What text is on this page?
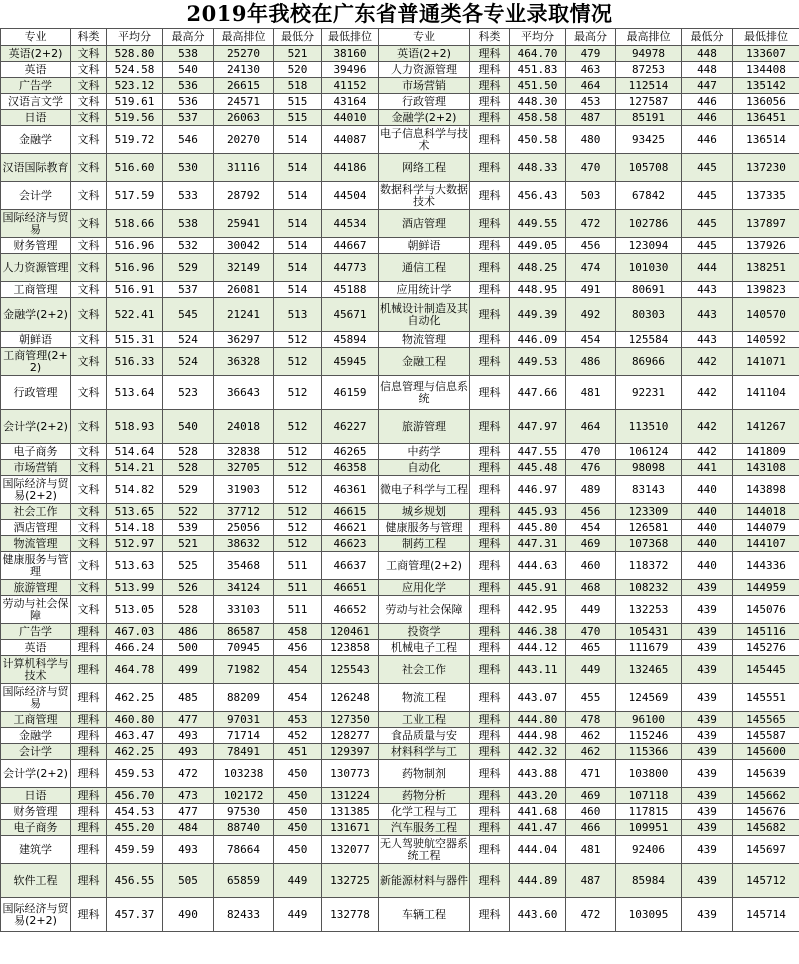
2019年我校在广东省普通类各专业录取情况
专业	科类	平均分	最高分	最高排位	最低分	最低排位	专业	科类	平均分	最高分	最高排位	最低分	最低排位
英语(2+2)	文科	528.80	538	25270	521	38160	英语(2+2)	理科	464.70	479	94978	448	133607
英语	文科	524.58	540	24130	520	39496	人力资源管理	理科	451.83	463	87253	448	134408
广告学	文科	523.12	536	26615	518	41152	市场营销	理科	451.50	464	112514	447	135142
汉语言文学	文科	519.61	536	24571	515	43164	行政管理	理科	448.30	453	127587	446	136056
日语	文科	519.56	537	26063	515	44010	金融学(2+2)	理科	458.58	487	85191	446	136451
金融学	文科	519.72	546	20270	514	44087	电子信息科学与技术	理科	450.58	480	93425	446	136514
汉语国际教育	文科	516.60	530	31116	514	44186	网络工程	理科	448.33	470	105708	445	137230
会计学	文科	517.59	533	28792	514	44504	数据科学与大数据技术	理科	456.43	503	67842	445	137335
国际经济与贸易	文科	518.66	538	25941	514	44534	酒店管理	理科	449.55	472	102786	445	137897
财务管理	文科	516.96	532	30042	514	44667	朝鲜语	理科	449.05	456	123094	445	137926
人力资源管理	文科	516.96	529	32149	514	44773	通信工程	理科	448.25	474	101030	444	138251
工商管理	文科	516.91	537	26081	514	45188	应用统计学	理科	448.95	491	80691	443	139823
金融学(2+2)	文科	522.41	545	21241	513	45671	机械设计制造及其自动化	理科	449.39	492	80303	443	140570
朝鲜语	文科	515.31	524	36297	512	45894	物流管理	理科	446.09	454	125584	443	140592
工商管理(2+2)	文科	516.33	524	36328	512	45945	金融工程	理科	449.53	486	86966	442	141071
行政管理	文科	513.64	523	36643	512	46159	信息管理与信息系统	理科	447.66	481	92231	442	141104
会计学(2+2)	文科	518.93	540	24018	512	46227	旅游管理	理科	447.97	464	113510	442	141267
电子商务	文科	514.64	528	32838	512	46265	中药学	理科	447.55	470	106124	442	141809
市场营销	文科	514.21	528	32705	512	46358	自动化	理科	445.48	476	98098	441	143108
国际经济与贸易(2+2)	文科	514.82	529	31903	512	46361	微电子科学与工程	理科	446.97	489	83143	440	143898
社会工作	文科	513.65	522	37712	512	46615	城乡规划	理科	445.93	456	123309	440	144018
酒店管理	文科	514.18	539	25056	512	46621	健康服务与管理	理科	445.80	454	126581	440	144079
物流管理	文科	512.97	521	38632	512	46623	制药工程	理科	447.31	469	107368	440	144107
健康服务与管理	文科	513.63	525	35468	511	46637	工商管理(2+2)	理科	444.63	460	118372	440	144336
旅游管理	文科	513.99	526	34124	511	46651	应用化学	理科	445.91	468	108232	439	144959
劳动与社会保障	文科	513.05	528	33103	511	46652	劳动与社会保障	理科	442.95	449	132253	439	145076
广告学	理科	467.03	486	86587	458	120461	投资学	理科	446.38	470	105431	439	145116
英语	理科	466.24	500	70945	456	123858	机械电子工程	理科	444.12	465	111679	439	145276
计算机科学与技术	理科	464.78	499	71982	454	125543	社会工作	理科	443.11	449	132465	439	145445
国际经济与贸易	理科	462.25	485	88209	454	126248	物流工程	理科	443.07	455	124569	439	145551
工商管理	理科	460.80	477	97031	453	127350	工业工程	理科	444.80	478	96100	439	145565
金融学	理科	463.47	493	71714	452	128277	食品质量与安	理科	444.98	462	115246	439	145587
会计学	理科	462.25	493	78491	451	129397	材料科学与工	理科	442.32	462	115366	439	145600
会计学(2+2)	理科	459.53	472	103238	450	130773	药物制剂	理科	443.88	471	103800	439	145639
日语	理科	456.70	473	102172	450	131224	药物分析	理科	443.20	469	107118	439	145662
财务管理	理科	454.53	477	97530	450	131385	化学工程与工	理科	441.68	460	117815	439	145676
电子商务	理科	455.20	484	88740	450	131671	汽车服务工程	理科	441.47	466	109951	439	145682
建筑学	理科	459.59	493	78664	450	132077	无人驾驶航空器系统工程	理科	444.04	481	92406	439	145697
软件工程	理科	456.55	505	65859	449	132725	新能源材料与器件	理科	444.89	487	85984	439	145712
国际经济与贸易(2+2)	理科	457.37	490	82433	449	132778	车辆工程	理科	443.60	472	103095	439	145714
